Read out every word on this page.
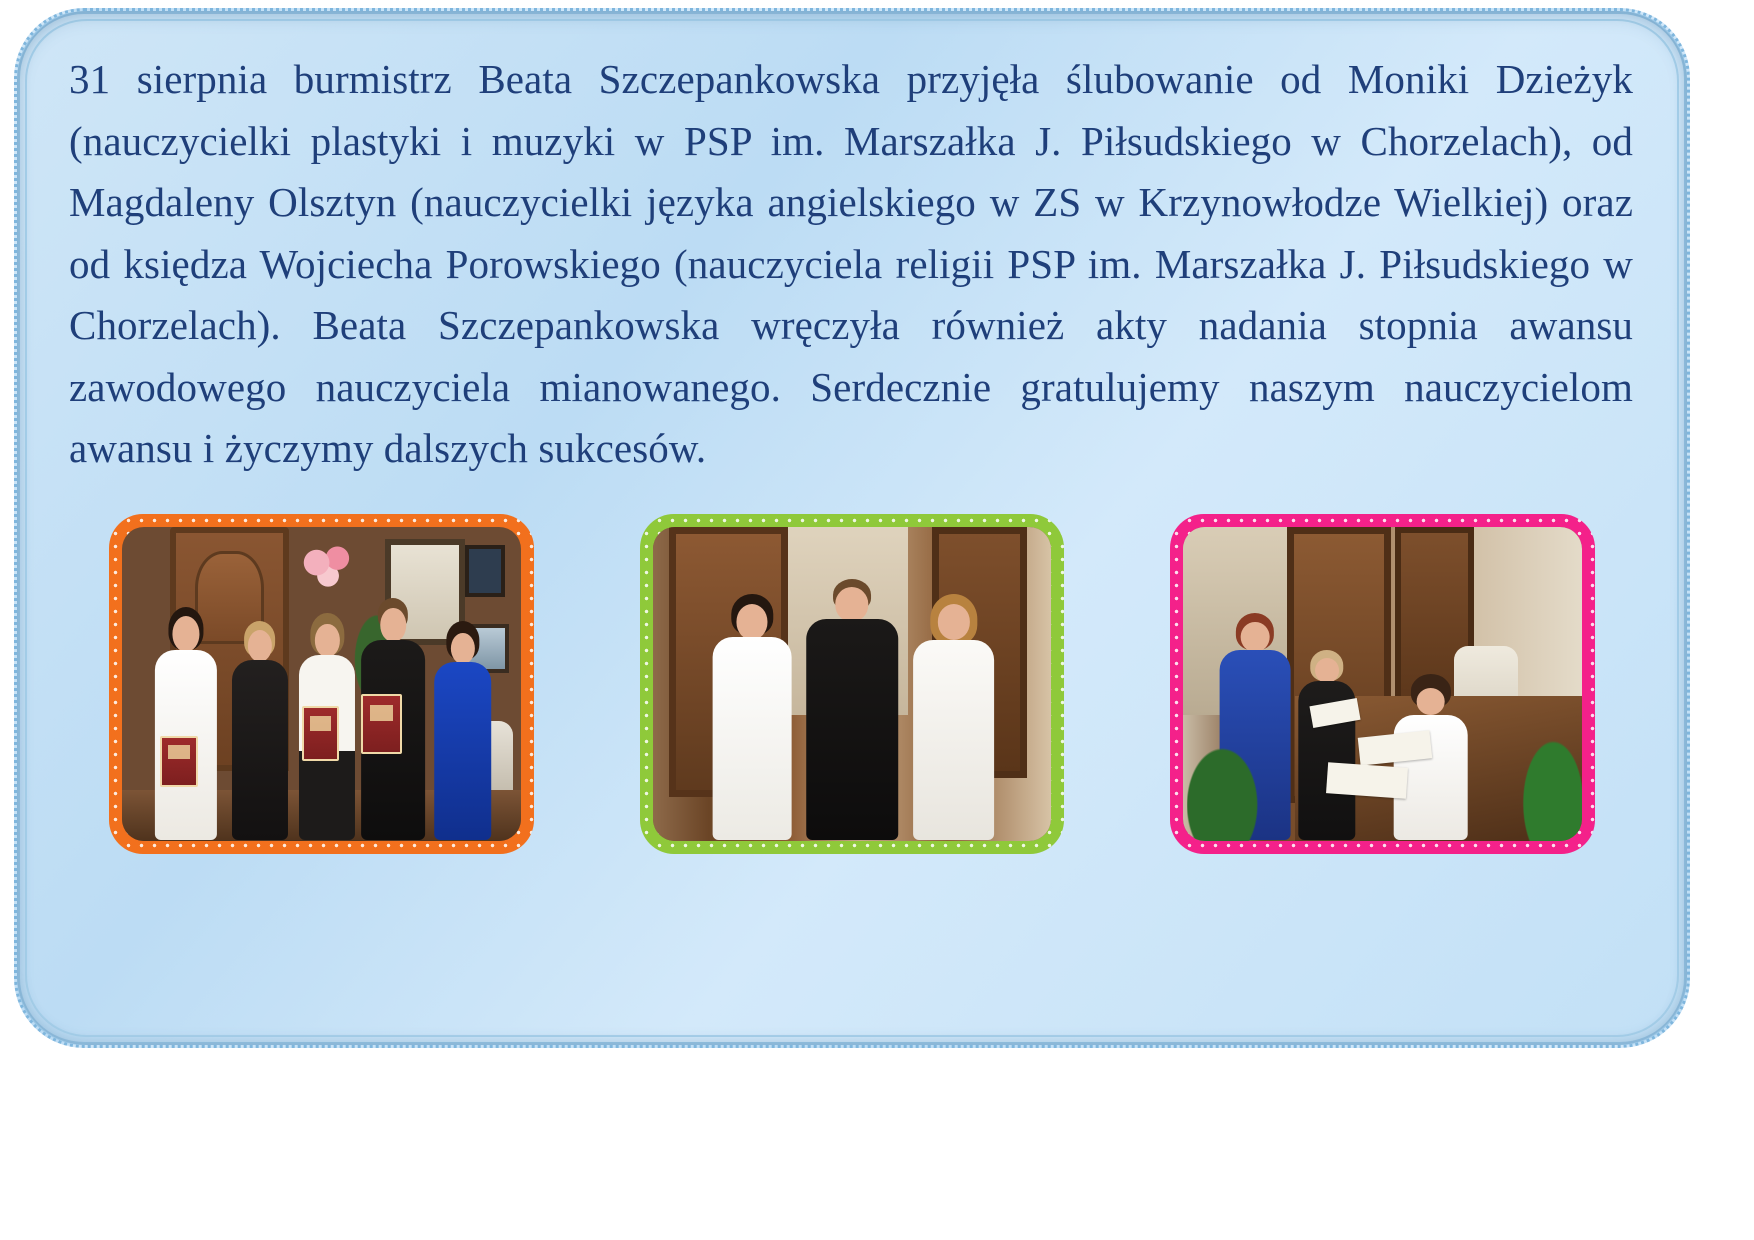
31 sierpnia burmistrz Beata Szczepankowska przyjęła ślubowanie od Moniki Dzieżyk (nauczycielki plastyki i muzyki w PSP im. Marszałka J. Piłsudskiego w Chorzelach), od Magdaleny Olsztyn (nauczycielki języka angielskiego w ZS w Krzynowłodze Wielkiej) oraz od księdza Wojciecha Porowskiego (nauczyciela religii PSP im. Marszałka J. Piłsudskiego w Chorzelach). Beata Szczepankowska wręczyła również akty nadania stopnia awansu zawodowego nauczyciela mianowanego. Serdecznie gratulujemy naszym nauczycielom awansu i życzymy dalszych sukcesów.
